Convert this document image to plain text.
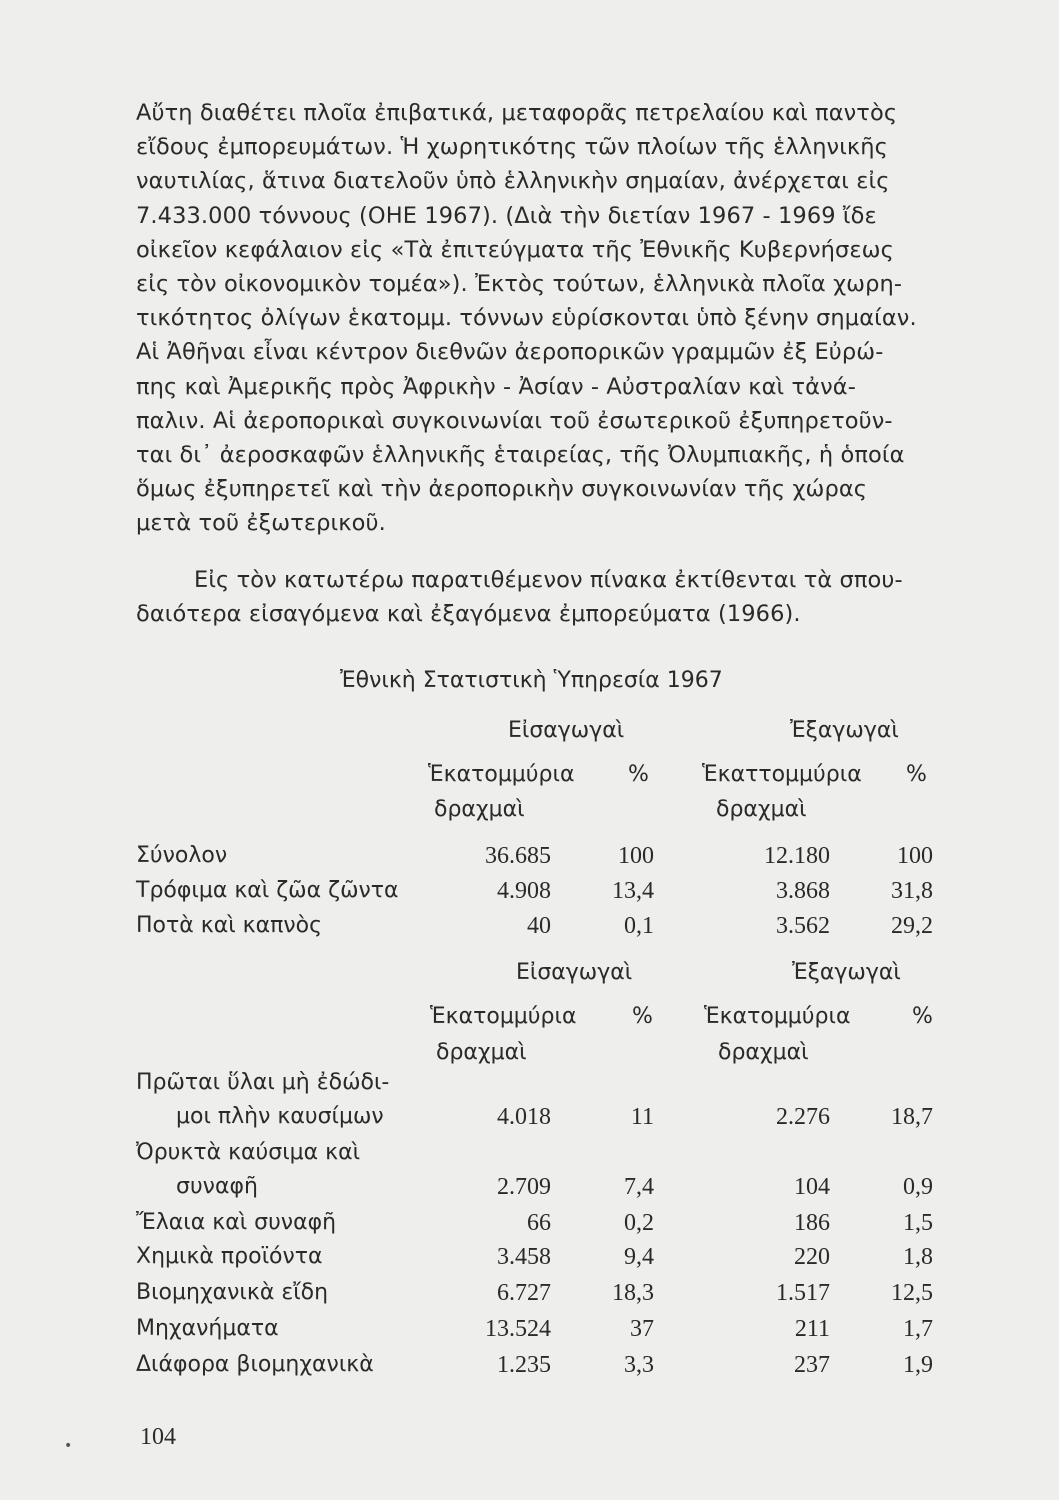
Αὔτη διαθέτει πλοῖα ἐπιβατικά, μεταφορᾶς πετρελαίου καὶ παντὸς
εἴδους ἐμπορευμάτων. Ἡ χωρητικότης τῶν πλοίων τῆς ἑλληνικῆς
ναυτιλίας, ἅτινα διατελοῦν ὑπὸ ἑλληνικὴν σημαίαν, ἀνέρχεται εἰς
7.433.000 τόννους (ΟΗΕ 1967). (Διὰ τὴν διετίαν 1967 - 1969 ἴδε
οἰκεῖον κεφάλαιον εἰς «Τὰ ἐπιτεύγματα τῆς Ἐθνικῆς Κυβερνήσεως
εἰς τὸν οἰκονομικὸν τομέα»). Ἐκτὸς τούτων, ἑλληνικὰ πλοῖα χωρη-
τικότητος ὀλίγων ἑκατομμ. τόννων εὑρίσκονται ὑπὸ ξένην σημαίαν.
Αἱ Ἀθῆναι εἶναι κέντρον διεθνῶν ἀεροπορικῶν γραμμῶν ἐξ Εὐρώ-
πης καὶ Ἀμερικῆς πρὸς Ἀφρικὴν - Ἀσίαν - Αὐστραλίαν καὶ τἀνά-
παλιν. Αἱ ἀεροπορικαὶ συγκοινωνίαι τοῦ ἐσωτερικοῦ ἐξυπηρετοῦν-
ται δι᾽ ἀεροσκαφῶν ἑλληνικῆς ἑταιρείας, τῆς Ὀλυμπιακῆς, ἡ ὁποία
ὅμως ἐξυπηρετεῖ καὶ τὴν ἀεροπορικὴν συγκοινωνίαν τῆς χώρας
μετὰ τοῦ ἐξωτερικοῦ.
Εἰς τὸν κατωτέρω παρατιθέμενον πίνακα ἐκτίθενται τὰ σπου-
δαιότερα εἰσαγόμενα καὶ ἐξαγόμενα ἐμπορεύματα (1966).
Ἐθνικὴ Στατιστικὴ Ὑπηρεσία 1967
Εἰσαγωγαὶ	Ἐξαγωγαὶ
Ἑκατομμύρια % Ἑκαττομμύρια %
δραχμαὶ	δραχμαὶ
Σύνολον	36.685	100	12.180	100
Τρόφιμα καὶ ζῶα ζῶντα	4.908	13,4	3.868	31,8
Ποτὰ καὶ καπνὸς	40	0,1	3.562	29,2
Εἰσαγωγαὶ	Ἐξαγωγαὶ
Ἑκατομμύρια	% Ἑκατομμύρια	%
δραχμαὶ	δραχμαὶ
Πρῶται ὕλαι μὴ ἐδώδι-
μοι πλὴν καυσίμων	4.018	11	2.276	18,7
Ὀρυκτὰ καύσιμα καὶ
συναφῆ	2.709	7,4	104	0,9
Ἔλαια καὶ συναφῆ	66	0,2	186	1,5
Χημικὰ προϊόντα	3.458	9,4	220	1,8
Βιομηχανικὰ εἴδη	6.727	18,3	1.517	12,5
Μηχανήματα	13.524	37	211	1,7
Διάφορα βιομηχανικὰ	1.235	3,3	237	1,9
•	104
